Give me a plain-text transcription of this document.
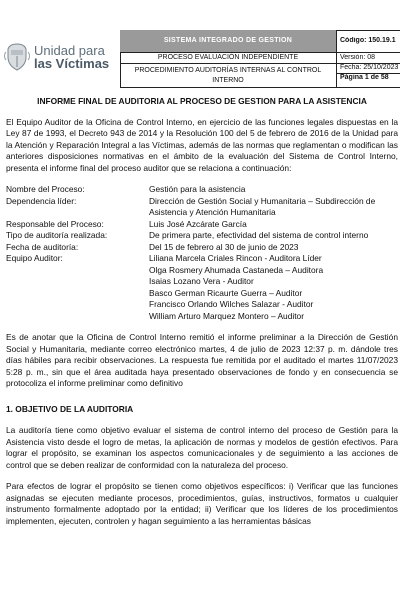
Unidad para
las Víctimas
SISTEMA INTEGRADO DE GESTION
PROCESO EVALUACIÓN INDEPENDIENTE
PROCEDIMIENTO AUDITORÍAS INTERNAS AL CONTROL INTERNO
Código: 150.19.1
Versión: 08
Fecha: 25/10/2023
Página 1 de 58
INFORME FINAL DE AUDITORIA AL PROCESO DE GESTION PARA LA ASISTENCIA
El Equipo Auditor de la Oficina de Control Interno, en ejercicio de las funciones legales dispuestas en la Ley 87 de 1993, el Decreto 943 de 2014 y la Resolución 100 del 5 de febrero de 2016 de la Unidad para la Atención y Reparación Integral a las Víctimas, además de las normas que reglamentan o modifican las anteriores disposiciones normativas en el ámbito de la evaluación del Sistema de Control Interno, presenta el informe final del proceso auditor que se relaciona a continuación:
Nombre del Proceso:	Gestión para la asistencia
Dependencia líder:	Dirección de Gestión Social y Humanitaria – Subdirección de Asistencia y Atención Humanitaria
Responsable del Proceso:	Luis José Azcárate García
Tipo de auditoría realizada:	De primera parte, efectividad del sistema de control interno
Fecha de auditoría:	Del 15 de febrero al 30 de junio de 2023
Equipo Auditor:	Liliana Marcela Criales Rincon - Auditora Líder
Olga Rosmery Ahumada Castaneda – Auditora
Isaias Lozano Vera - Auditor
Basco German Ricaurte Guerra – Auditor
Francisco Orlando Wilches Salazar - Auditor
William Arturo Marquez Montero – Auditor
Es de anotar que la Oficina de Control Interno remitió el informe preliminar a la Dirección de Gestión Social y Humanitaria, mediante correo electrónico martes, 4 de julio de 2023 12:37 p. m. dándole tres días hábiles para recibir observaciones. La respuesta fue remitida por el auditado el martes 11/07/2023 5:28 p. m., sin que el área auditada haya presentado observaciones de fondo y en consecuencia se protocoliza el informe preliminar como definitivo
1. OBJETIVO DE LA AUDITORIA
La auditoría tiene como objetivo evaluar el sistema de control interno del proceso de Gestión para la Asistencia visto desde el logro de metas, la aplicación de normas y modelos de gestión efectivos. Para lograr el propósito, se examinan los aspectos comunicacionales y de seguimiento a las acciones de control que se deben realizar de conformidad con la naturaleza del proceso.
Para efectos de lograr el propósito se tienen como objetivos específicos: i) Verificar que las funciones asignadas se ejecuten mediante procesos, procedimientos, guías, instructivos, formatos u cualquier instrumento formalmente adoptado por la entidad; ii) Verificar que los líderes de los procedimientos implementen, ejecuten, controlen y hagan seguimiento a las herramientas básicas
